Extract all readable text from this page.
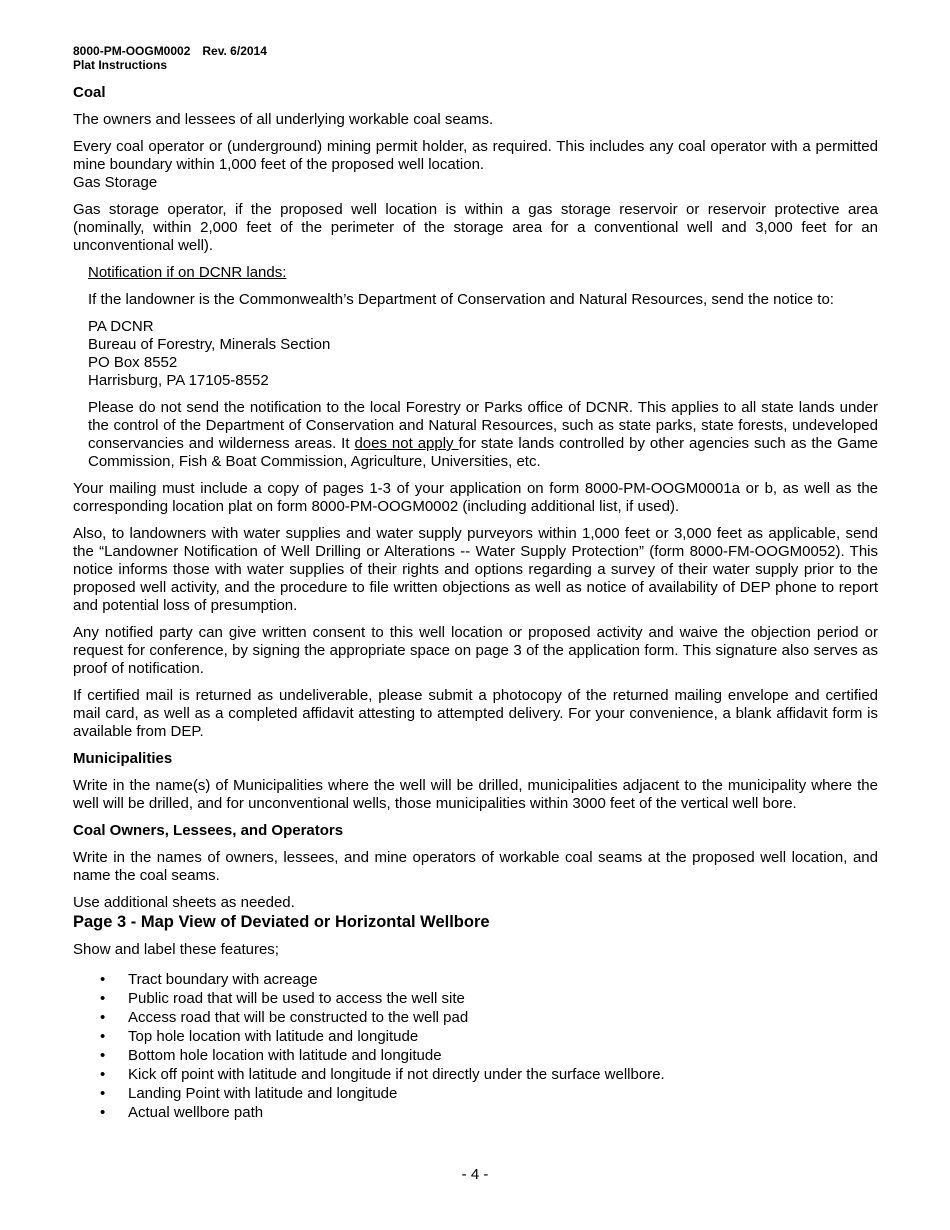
8000-PM-OOGM0002 Rev. 6/2014
Plat Instructions

Coal

The owners and lessees of all underlying workable coal seams.

Every coal operator or (underground) mining permit holder, as required. This includes any coal operator with a permitted mine boundary within 1,000 feet of the proposed well location.

Gas Storage

Gas storage operator, if the proposed well location is within a gas storage reservoir or reservoir protective area (nominally, within 2,000 feet of the perimeter of the storage area for a conventional well and 3,000 feet for an unconventional well).

Notification if on DCNR lands:

If the landowner is the Commonwealth’s Department of Conservation and Natural Resources, send the notice to:

PA DCNR
Bureau of Forestry, Minerals Section
PO Box 8552
Harrisburg, PA 17105-8552

Please do not send the notification to the local Forestry or Parks office of DCNR. This applies to all state lands under the control of the Department of Conservation and Natural Resources, such as state parks, state forests, undeveloped conservancies and wilderness areas. It does not apply for state lands controlled by other agencies such as the Game Commission, Fish & Boat Commission, Agriculture, Universities, etc.

Your mailing must include a copy of pages 1-3 of your application on form 8000-PM-OOGM0001a or b, as well as the corresponding location plat on form 8000-PM-OOGM0002 (including additional list, if used).

Also, to landowners with water supplies and water supply purveyors within 1,000 feet or 3,000 feet as applicable, send the “Landowner Notification of Well Drilling or Alterations -- Water Supply Protection” (form 8000-FM-OOGM0052). This notice informs those with water supplies of their rights and options regarding a survey of their water supply prior to the proposed well activity, and the procedure to file written objections as well as notice of availability of DEP phone to report and potential loss of presumption.

Any notified party can give written consent to this well location or proposed activity and waive the objection period or request for conference, by signing the appropriate space on page 3 of the application form. This signature also serves as proof of notification.

If certified mail is returned as undeliverable, please submit a photocopy of the returned mailing envelope and certified mail card, as well as a completed affidavit attesting to attempted delivery. For your convenience, a blank affidavit form is available from DEP.

Municipalities

Write in the name(s) of Municipalities where the well will be drilled, municipalities adjacent to the municipality where the well will be drilled, and for unconventional wells, those municipalities within 3000 feet of the vertical well bore.

Coal Owners, Lessees, and Operators

Write in the names of owners, lessees, and mine operators of workable coal seams at the proposed well location, and name the coal seams.

Use additional sheets as needed.

Page 3 - Map View of Deviated or Horizontal Wellbore

Show and label these features;

• Tract boundary with acreage
• Public road that will be used to access the well site
• Access road that will be constructed to the well pad
• Top hole location with latitude and longitude
• Bottom hole location with latitude and longitude
• Kick off point with latitude and longitude if not directly under the surface wellbore.
• Landing Point with latitude and longitude
• Actual wellbore path
- 4 -
